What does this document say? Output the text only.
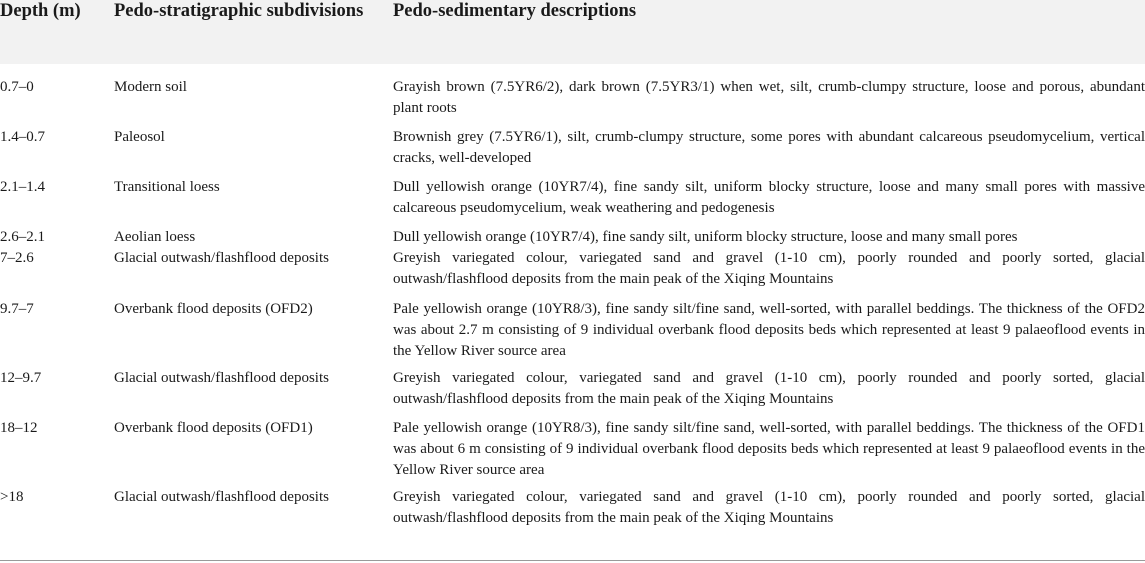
Depth (m)	Pedo-stratigraphic subdivisions	Pedo-sedimentary descriptions

0.7–0	Modern soil	Grayish brown (7.5YR6/2), dark brown (7.5YR3/1) when wet, silt, crumb-clumpy structure, loose and porous, abundant plant roots
1.4–0.7	Paleosol	Brownish grey (7.5YR6/1), silt, crumb-clumpy structure, some pores with abundant calcareous pseudomycelium, vertical cracks, well-developed
2.1–1.4	Transitional loess	Dull yellowish orange (10YR7/4), fine sandy silt, uniform blocky structure, loose and many small pores with massive calcareous pseudomycelium, weak weathering and pedogenesis
2.6–2.1	Aeolian loess	Dull yellowish orange (10YR7/4), fine sandy silt, uniform blocky structure, loose and many small pores
7–2.6	Glacial outwash/flashflood deposits	Greyish variegated colour, variegated sand and gravel (1-10 cm), poorly rounded and poorly sorted, glacial outwash/flashflood deposits from the main peak of the Xiqing Mountains
9.7–7	Overbank flood deposits (OFD2)	Pale yellowish orange (10YR8/3), fine sandy silt/fine sand, well-sorted, with parallel beddings. The thickness of the OFD2 was about 2.7 m consisting of 9 individual overbank flood deposits beds which represented at least 9 palaeoflood events in the Yellow River source area
12–9.7	Glacial outwash/flashflood deposits	Greyish variegated colour, variegated sand and gravel (1-10 cm), poorly rounded and poorly sorted, glacial outwash/flashflood deposits from the main peak of the Xiqing Mountains
18–12	Overbank flood deposits (OFD1)	Pale yellowish orange (10YR8/3), fine sandy silt/fine sand, well-sorted, with parallel beddings. The thickness of the OFD1 was about 6 m consisting of 9 individual overbank flood deposits beds which represented at least 9 palaeoflood events in the Yellow River source area
>18	Glacial outwash/flashflood deposits	Greyish variegated colour, variegated sand and gravel (1-10 cm), poorly rounded and poorly sorted, glacial outwash/flashflood deposits from the main peak of the Xiqing Mountains
